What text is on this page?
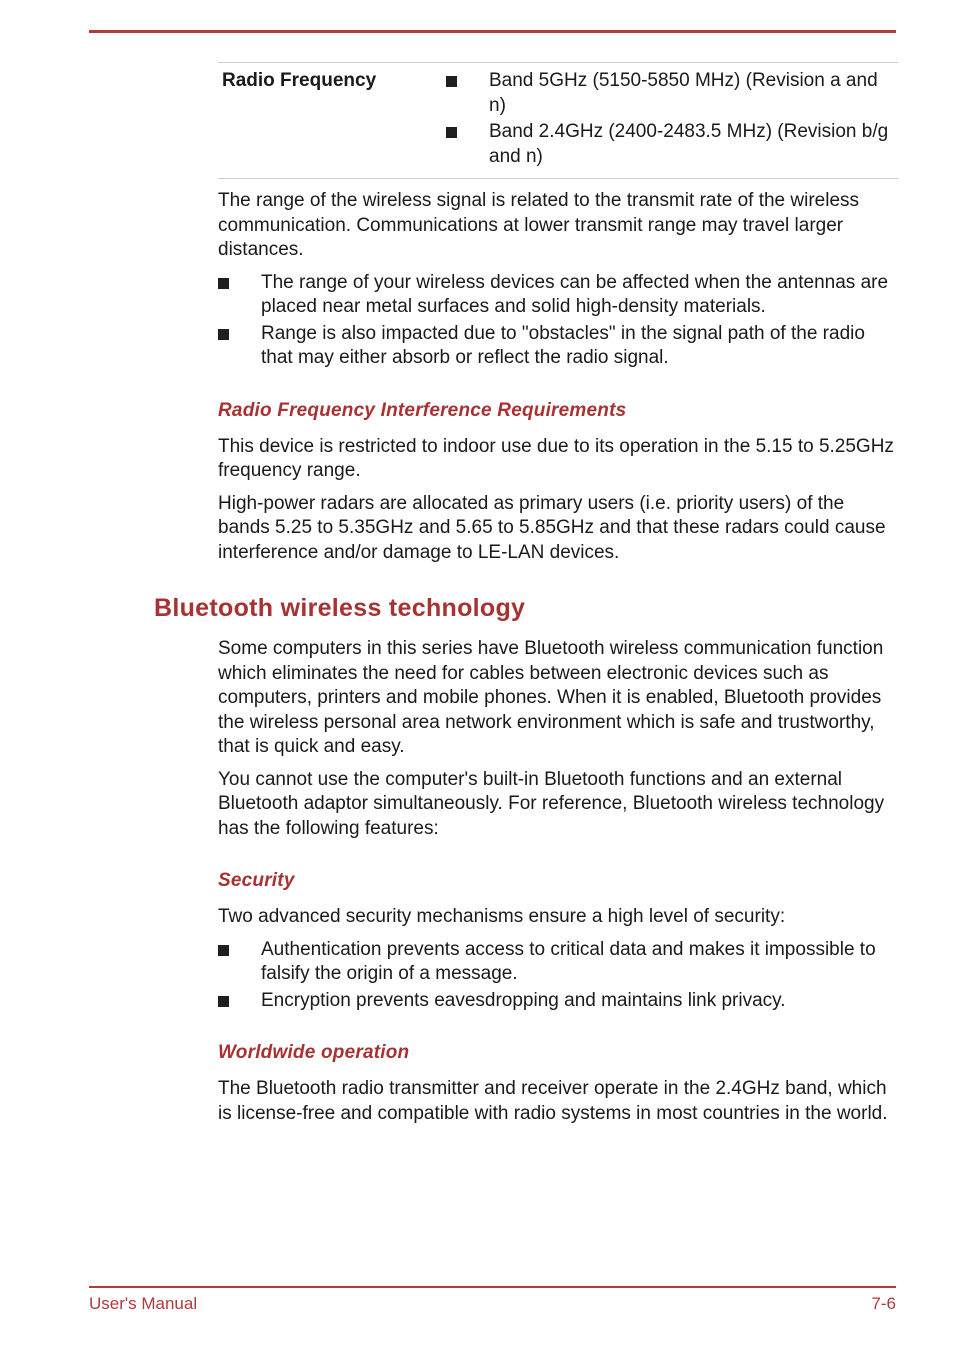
Radio Frequency	Band 5GHz (5150-5850 MHz) (Revision a and n)
Band 2.4GHz (2400-2483.5 MHz) (Revision b/g and n)

The range of the wireless signal is related to the transmit rate of the wireless communication. Communications at lower transmit range may travel larger distances.

The range of your wireless devices can be affected when the antennas are placed near metal surfaces and solid high-density materials.
Range is also impacted due to "obstacles" in the signal path of the radio that may either absorb or reflect the radio signal.
Radio Frequency Interference Requirements

This device is restricted to indoor use due to its operation in the 5.15 to 5.25GHz frequency range.

High-power radars are allocated as primary users (i.e. priority users) of the bands 5.25 to 5.35GHz and 5.65 to 5.85GHz and that these radars could cause interference and/or damage to LE-LAN devices.

Bluetooth wireless technology

Some computers in this series have Bluetooth wireless communication function which eliminates the need for cables between electronic devices such as computers, printers and mobile phones. When it is enabled, Bluetooth provides the wireless personal area network environment which is safe and trustworthy, that is quick and easy.

You cannot use the computer's built-in Bluetooth functions and an external Bluetooth adaptor simultaneously. For reference, Bluetooth wireless technology has the following features:

Security

Two advanced security mechanisms ensure a high level of security:

Authentication prevents access to critical data and makes it impossible to falsify the origin of a message.
Encryption prevents eavesdropping and maintains link privacy.
Worldwide operation

The Bluetooth radio transmitter and receiver operate in the 2.4GHz band, which is license-free and compatible with radio systems in most countries in the world.

User's Manual	7-6
